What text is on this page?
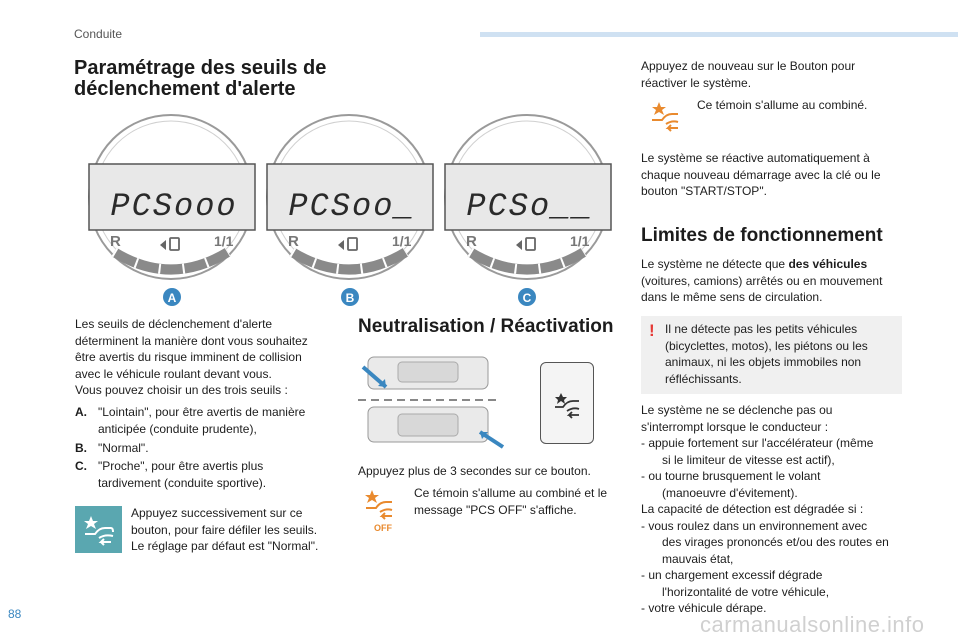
Conduite
Paramétrage des seuils de
déclenchement d'alerte
PCSooo PCSoo_ PCSo__
R	R	R
1/1	1/1	1/1
A	B	C
Les seuils de déclenchement d'alerte
déterminent la manière dont vous souhaitez
être avertis du risque imminent de collision
avec le véhicule roulant devant vous.
Vous pouvez choisir un des trois seuils :
A. "Lointain", pour être avertis de manière
anticipée (conduite prudente),
B. "Normal".
C. "Proche", pour être avertis plus
tardivement (conduite sportive).
Appuyez successivement sur ce
bouton, pour faire défiler les seuils.
Le réglage par défaut est "Normal".
Neutralisation / Réactivation
Appuyez plus de 3 secondes sur ce bouton.
OFF
Ce témoin s'allume au combiné et le
message "PCS OFF" s'affiche.
Appuyez de nouveau sur le Bouton pour
réactiver le système.
Ce témoin s'allume au combiné.
Le système se réactive automatiquement à
chaque nouveau démarrage avec la clé ou le
bouton "START/STOP".
Limites de fonctionnement
Le système ne détecte que des véhicules
(voitures, camions) arrêtés ou en mouvement
dans le même sens de circulation.
! Il ne détecte pas les petits véhicules
(bicyclettes, motos), les piétons ou les
animaux, ni les objets immobiles non
réfléchissants.
Le système ne se déclenche pas ou
s'interrompt lorsque le conducteur :
- appuie fortement sur l'accélérateur (même
si le limiteur de vitesse est actif),
- ou tourne brusquement le volant
(manoeuvre d'évitement).
La capacité de détection est dégradée si :
- vous roulez dans un environnement avec
des virages prononcés et/ou des routes en
mauvais état,
- un chargement excessif dégrade
l'horizontalité de votre véhicule,
- votre véhicule dérape.
88	carmanualsonline.info
